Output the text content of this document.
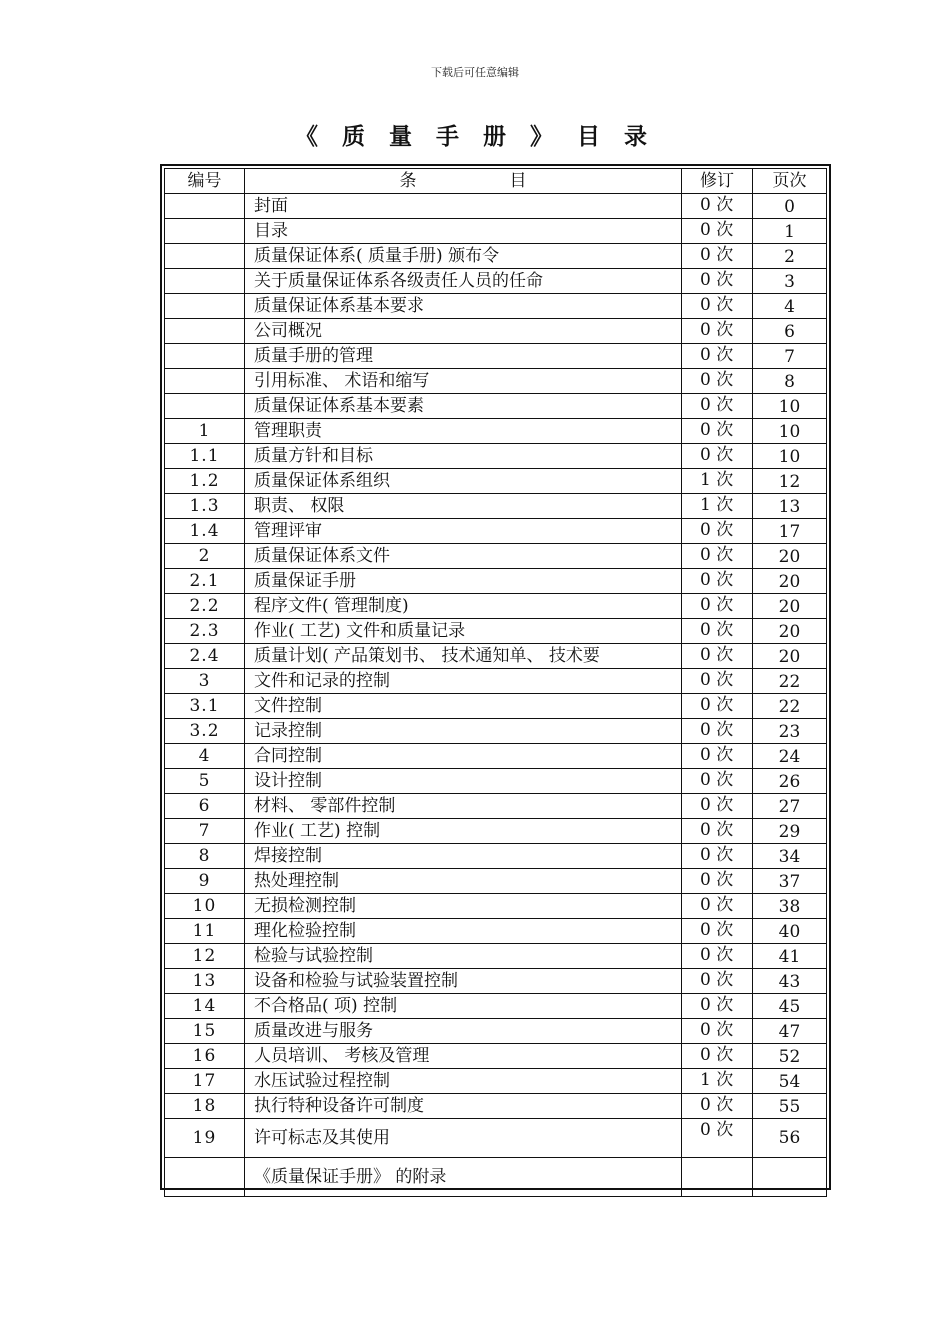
下载后可任意编辑
《 质 量 手 册 》 目 录
编号	条 目	修订	页次
	封面	0 次	0
	目录	0 次	1
	质量保证体系( 质量手册) 颁布令	0 次	2
	关于质量保证体系各级责任人员的任命	0 次	3
	质量保证体系基本要求	0 次	4
	公司概况	0 次	6
	质量手册的管理	0 次	7
	引用标准、 术语和缩写	0 次	8
	质量保证体系基本要素	0 次	10
1	管理职责	0 次	10
1.1	质量方针和目标	0 次	10
1.2	质量保证体系组织	1 次	12
1.3	职责、 权限	1 次	13
1.4	管理评审	0 次	17
2	质量保证体系文件	0 次	20
2.1	质量保证手册	0 次	20
2.2	程序文件( 管理制度)	0 次	20
2.3	作业( 工艺) 文件和质量记录	0 次	20
2.4	质量计划( 产品策划书、 技术通知单、 技术要	0 次	20
3	文件和记录的控制	0 次	22
3.1	文件控制	0 次	22
3.2	记录控制	0 次	23
4	合同控制	0 次	24
5	设计控制	0 次	26
6	材料、 零部件控制	0 次	27
7	作业( 工艺) 控制	0 次	29
8	焊接控制	0 次	34
9	热处理控制	0 次	37
10	无损检测控制	0 次	38
11	理化检验控制	0 次	40
12	检验与试验控制	0 次	41
13	设备和检验与试验装置控制	0 次	43
14	不合格品( 项) 控制	0 次	45
15	质量改进与服务	0 次	47
16	人员培训、 考核及管理	0 次	52
17	水压试验过程控制	1 次	54
18	执行特种设备许可制度	0 次	55
19	许可标志及其使用	0 次	56
	《质量保证手册》 的附录		
